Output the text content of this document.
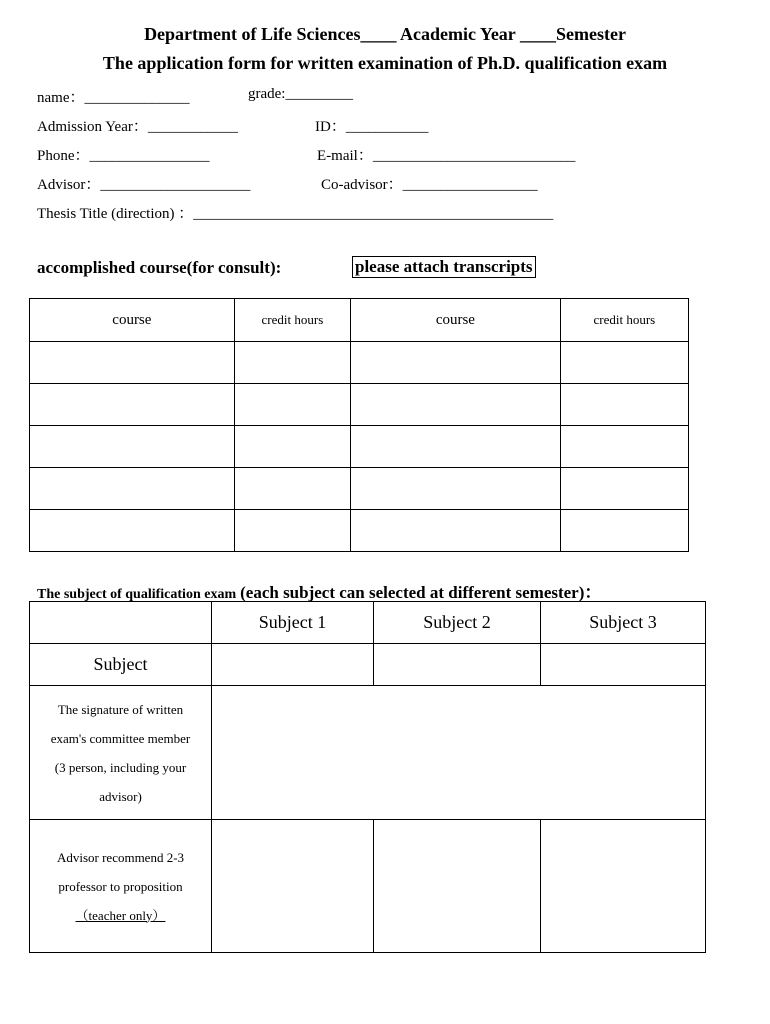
Department of Life Sciences____ Academic Year ____Semester
The application form for written examination of Ph.D. qualification exam
name：______________	grade:_________
Admission Year：____________	ID：___________
Phone：________________	E-mail：___________________________
Advisor：____________________	Co-advisor：__________________
Thesis Title (direction) ：________________________________________________
accomplished course(for consult):	please attach transcripts
course	credit hours	course	credit hours

The subject of qualification exam (each subject can selected at different semester)：
	Subject 1	Subject 2	Subject 3
Subject			

The signature of written
exam's committee member
(3 person, including your
advisor)			

Advisor recommend 2-3
professor to proposition
（teacher only）			
